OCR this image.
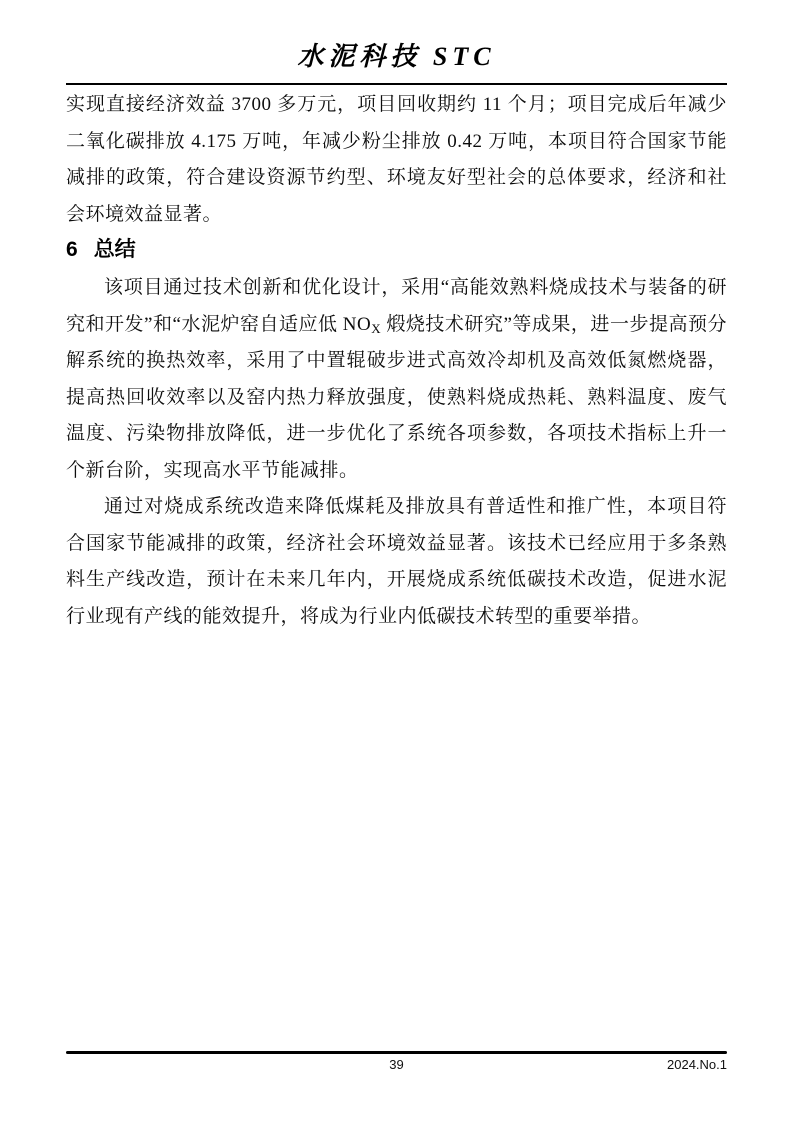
水泥科技 STC

实现直接经济效益 3700 多万元，项目回收期约 11 个月；项目完成后年减少二氧化碳排放 4.175 万吨，年减少粉尘排放 0.42 万吨，本项目符合国家节能减排的政策，符合建设资源节约型、环境友好型社会的总体要求，经济和社会环境效益显著。

6 总结

该项目通过技术创新和优化设计，采用“高能效熟料烧成技术与装备的研究和开发”和“水泥炉窑自适应低 $NO_X$ 煅烧技术研究”等成果，进一步提高预分解系统的换热效率，采用了中置辊破步进式高效冷却机及高效低氮燃烧器，提高热回收效率以及窑内热力释放强度，使熟料烧成热耗、熟料温度、废气温度、污染物排放降低，进一步优化了系统各项参数，各项技术指标上升一个新台阶，实现高水平节能减排。

通过对烧成系统改造来降低煤耗及排放具有普适性和推广性，本项目符合国家节能减排的政策，经济社会环境效益显著。该技术已经应用于多条熟料生产线改造，预计在未来几年内，开展烧成系统低碳技术改造，促进水泥行业现有产线的能效提升，将成为行业内低碳技术转型的重要举措。

39	2024.No.1
